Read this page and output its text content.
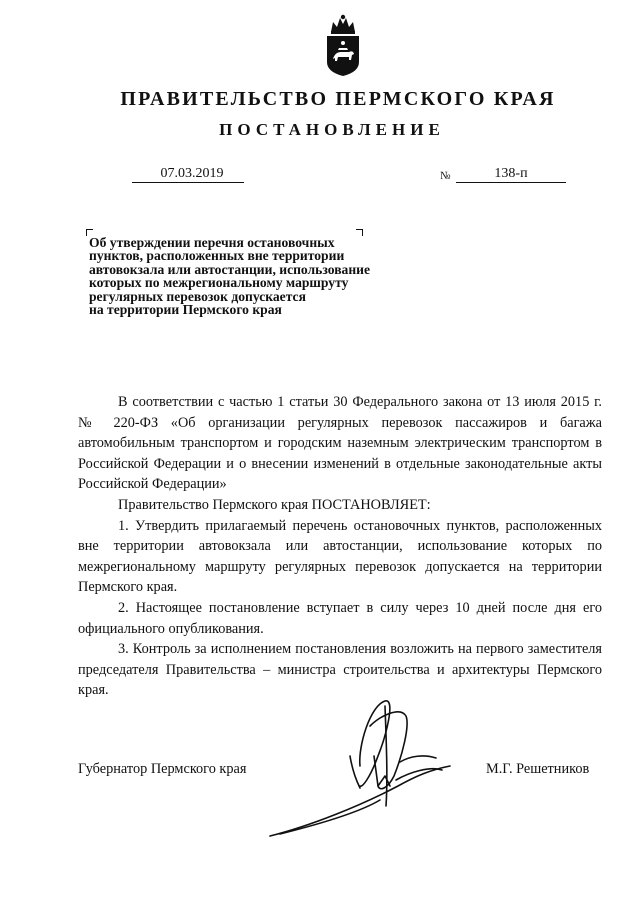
ПРАВИТЕЛЬСТВО ПЕРМСКОГО КРАЯ
ПОСТАНОВЛЕНИЕ
07.03.2019	№	138-п
Об утверждении перечня остановочных
пунктов, расположенных вне территории
автовокзала или автостанции, использование
которых по межрегиональному маршруту
регулярных перевозок допускается
на территории Пермского края

В соответствии с частью 1 статьи 30 Федерального закона от 13 июля 2015 г. № 220-ФЗ «Об организации регулярных перевозок пассажиров и багажа автомобильным транспортом и городским наземным электрическим транспортом в Российской Федерации и о внесении изменений в отдельные законодательные акты Российской Федерации»

Правительство Пермского края ПОСТАНОВЛЯЕТ:

1. Утвердить прилагаемый перечень остановочных пунктов, расположенных вне территории автовокзала или автостанции, использование которых по межрегиональному маршруту регулярных перевозок допускается на территории Пермского края.

2. Настоящее постановление вступает в силу через 10 дней после дня его официального опубликования.

3. Контроль за исполнением постановления возложить на первого заместителя председателя Правительства – министра строительства и архитектуры Пермского края.

Губернатор Пермского края	М.Г. Решетников
